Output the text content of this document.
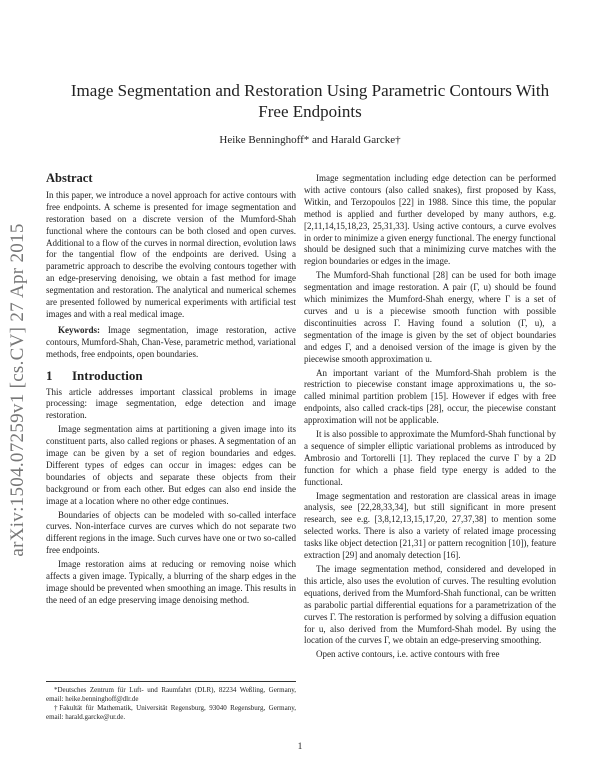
arXiv:1504.07259v1 [cs.CV] 27 Apr 2015
Image Segmentation and Restoration Using Parametric Contours With Free Endpoints
Heike Benninghoff* and Harald Garcke†
Abstract

In this paper, we introduce a novel approach for active contours with free endpoints. A scheme is presented for image segmentation and restoration based on a discrete version of the Mumford-Shah functional where the contours can be both closed and open curves. Additional to a flow of the curves in normal direction, evolution laws for the tangential flow of the endpoints are derived. Using a parametric approach to describe the evolving contours together with an edge-preserving denoising, we obtain a fast method for image segmentation and restoration. The analytical and numerical schemes are presented followed by numerical experiments with artificial test images and with a real medical image.

Keywords: Image segmentation, image restoration, active contours, Mumford-Shah, Chan-Vese, parametric method, variational methods, free endpoints, open boundaries.

1 Introduction

This article addresses important classical problems in image processing: image segmentation, edge detection and image restoration.

Image segmentation aims at partitioning a given image into its constituent parts, also called regions or phases. A segmentation of an image can be given by a set of region boundaries and edges. Different types of edges can occur in images: edges can be boundaries of objects and separate these objects from their background or from each other. But edges can also end inside the image at a location where no other edge continues.

Boundaries of objects can be modeled with so-called interface curves. Non-interface curves are curves which do not separate two different regions in the image. Such curves have one or two so-called free endpoints.

Image restoration aims at reducing or removing noise which affects a given image. Typically, a blurring of the sharp edges in the image should be prevented when smoothing an image. This results in the need of an edge preserving image denoising method.

*Deutsches Zentrum für Luft- und Raumfahrt (DLR), 82234 Weßling, Germany, email: heike.benninghoff@dlr.de

†Fakultät für Mathematik, Universität Regensburg, 93040 Regensburg, Germany, email: harald.garcke@ur.de.

Image segmentation including edge detection can be performed with active contours (also called snakes), first proposed by Kass, Witkin, and Terzopoulos [22] in 1988. Since this time, the popular method is applied and further developed by many authors, e.g. [2,11,14,15,18,23, 25,31,33]. Using active contours, a curve evolves in order to minimize a given energy functional. The energy functional should be designed such that a minimizing curve matches with the region boundaries or edges in the image.

The Mumford-Shah functional [28] can be used for both image segmentation and image restoration. A pair (Γ, u) should be found which minimizes the Mumford-Shah energy, where Γ is a set of curves and u is a piecewise smooth function with possible discontinuities across Γ. Having found a solution (Γ, u), a segmentation of the image is given by the set of object boundaries and edges Γ, and a denoised version of the image is given by the piecewise smooth approximation u.

An important variant of the Mumford-Shah problem is the restriction to piecewise constant image approximations u, the so-called minimal partition problem [15]. However if edges with free endpoints, also called crack-tips [28], occur, the piecewise constant approximation will not be applicable.

It is also possible to approximate the Mumford-Shah functional by a sequence of simpler elliptic variational problems as introduced by Ambrosio and Tortorelli [1]. They replaced the curve Γ by a 2D function for which a phase field type energy is added to the functional.

Image segmentation and restoration are classical areas in image analysis, see [22,28,33,34], but still significant in more present research, see e.g. [3,8,12,13,15,17,20, 27,37,38] to mention some selected works. There is also a variety of related image processing tasks like object detection [21,31] or pattern recognition [10]), feature extraction [29] and anomaly detection [16].

The image segmentation method, considered and developed in this article, also uses the evolution of curves. The resulting evolution equations, derived from the Mumford-Shah functional, can be written as parabolic partial differential equations for a parametrization of the curves Γ. The restoration is performed by solving a diffusion equation for u, also derived from the Mumford-Shah model. By using the location of the curves Γ, we obtain an edge-preserving smoothing.

Open active contours, i.e. active contours with free

1
